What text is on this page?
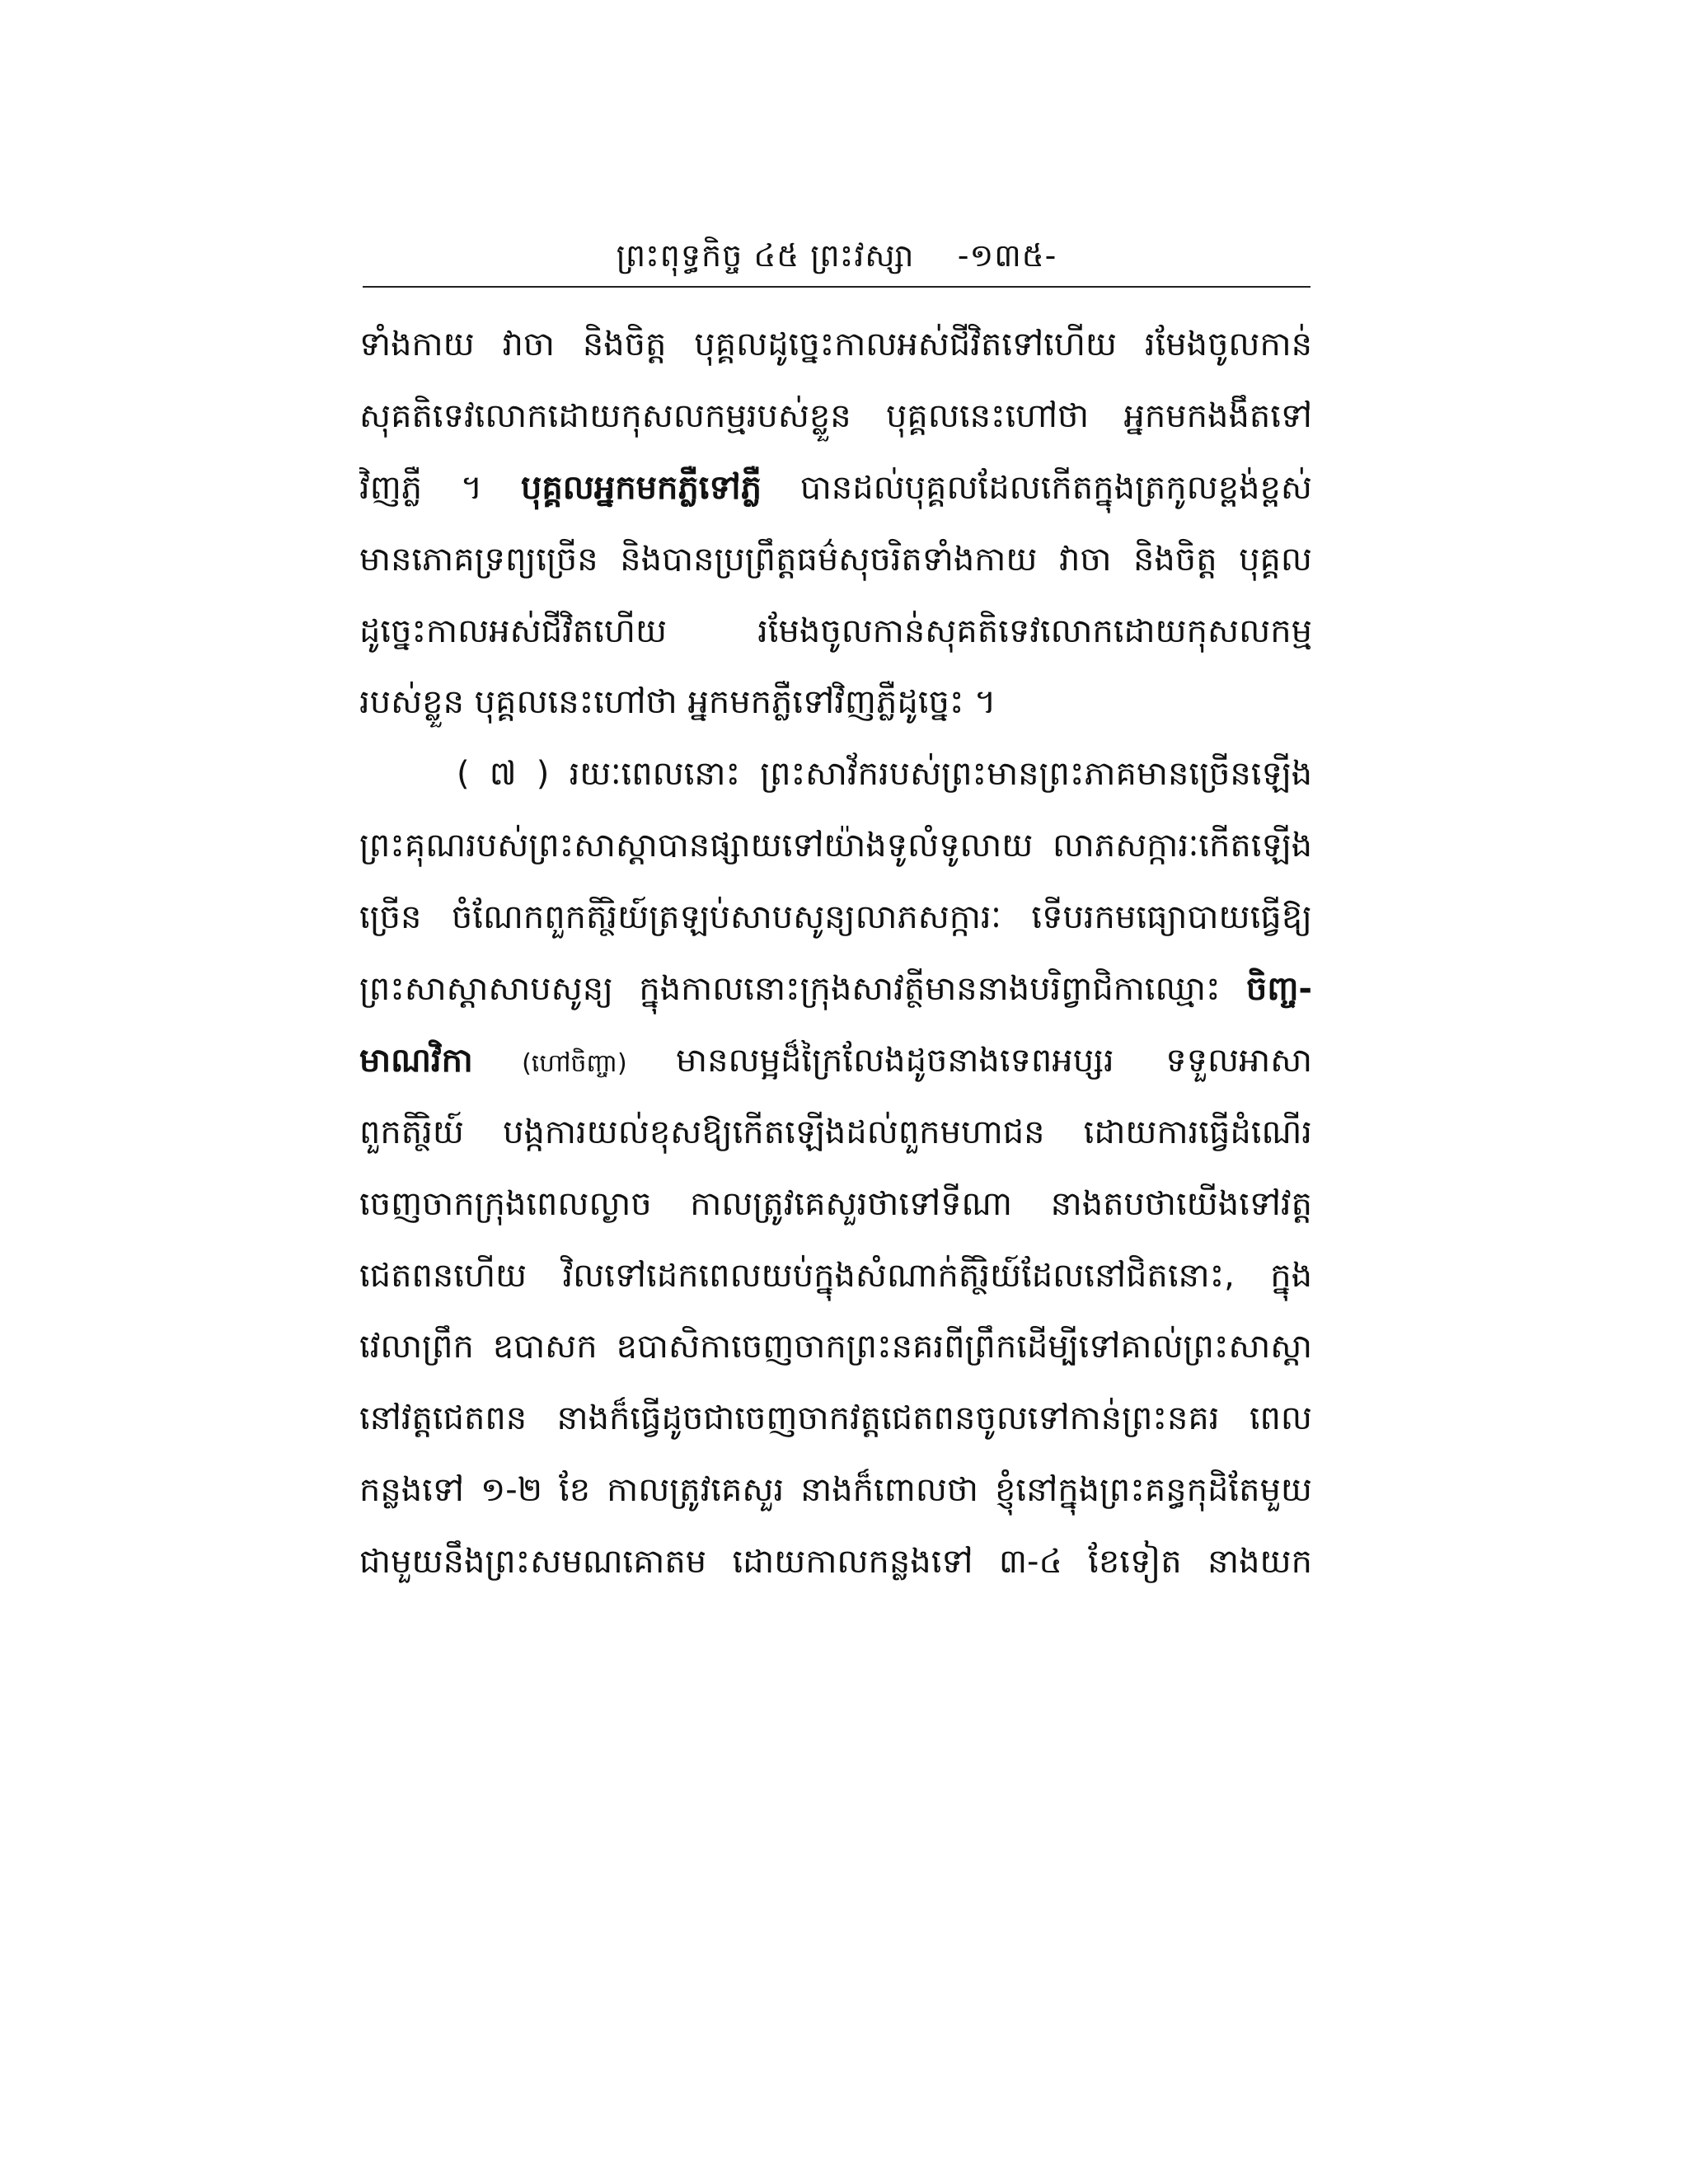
ព្រះពុទ្ធកិច្ច ៤៥ ព្រះវស្សា -១៣៥-
ទាំងកាយ វាចា និងចិត្ត បុគ្គលដូច្នេះកាលអស់ជីវិតទៅហើយ រមែងចូលកាន់
សុគតិទេវលោកដោយកុសលកម្មរបស់ខ្លួន បុគ្គលនេះហៅថា អ្នកមកងងឹតទៅ
វិញភ្លឺ ។ បុគ្គលអ្នកមកភ្លឺទៅភ្លឺ បានដល់បុគ្គលដែលកើតក្នុងត្រកូលខ្ពង់ខ្ពស់
មានភោគទ្រព្យច្រើន និងបានប្រព្រឹត្តធម៌សុចរិតទាំងកាយ វាចា និងចិត្ត បុគ្គល
ដូច្នេះកាលអស់ជីវិតហើយ រមែងចូលកាន់សុគតិទេវលោកដោយកុសលកម្ម
របស់ខ្លួន បុគ្គលនេះហៅថា អ្នកមកភ្លឺទៅវិញភ្លឺដូច្នេះ ។
( ៧ ) រយៈពេលនោះ ព្រះសាវ័ករបស់ព្រះមានព្រះភាគមានច្រើនឡើង
ព្រះគុណរបស់ព្រះសាស្តាបានផ្សាយទៅយ៉ាងទូលំទូលាយ លាភសក្ការៈកើតឡើង
ច្រើន ចំណែកពួកតិរ្ថិយ៍ត្រឡប់សាបសូន្យលាភសក្ការៈ ទើបរកមធ្យោបាយធ្វើឱ្យ
ព្រះសាស្តាសាបសូន្យ ក្នុងកាលនោះក្រុងសាវត្ថីមាននាងបរិព្វាជិកាឈ្មោះ ចិញ្ច-
មាណវិកា (ហៅចិញ្ចា) មានលម្អដ៏ក្រៃលែងដូចនាងទេពអប្សរ ទទួលអាសា
ពួកតិរ្ថិយ៍ បង្កការយល់ខុសឱ្យកើតឡើងដល់ពួកមហាជន ដោយការធ្វើដំណើរ
ចេញចាកក្រុងពេលល្ងាច កាលត្រូវគេសួរថាទៅទីណា នាងតបថាយើងទៅវត្ត
ជេតពនហើយ វិលទៅដេកពេលយប់ក្នុងសំណាក់តិរ្ថិយ៍ដែលនៅជិតនោះ, ក្នុង
វេលាព្រឹក ឧបាសក ឧបាសិកាចេញចាកព្រះនគរពីព្រឹកដើម្បីទៅគាល់ព្រះសាស្តា
នៅវត្តជេតពន នាងក៏ធ្វើដូចជាចេញចាកវត្តជេតពនចូលទៅកាន់ព្រះនគរ ពេល
កន្លងទៅ ១-២ ខែ កាលត្រូវគេសួរ នាងក៏ពោលថា ខ្ញុំនៅក្នុងព្រះគន្ធកុដិតែមួយ
ជាមួយនឹងព្រះសមណគោតម ដោយកាលកន្លងទៅ ៣-៤ ខែទៀត នាងយក
